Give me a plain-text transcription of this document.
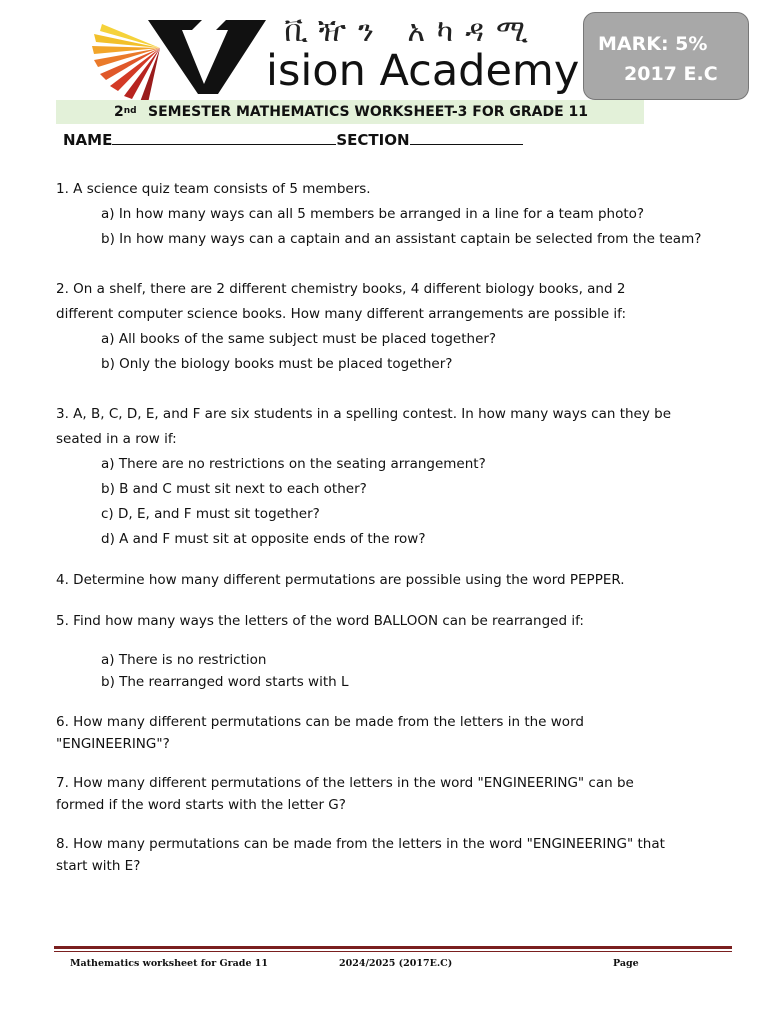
ቪዥን አካዳሚ
ision Academy
MARK: 5%
2017 E.C
2nd SEMESTER MATHEMATICS WORKSHEET-3 FOR GRADE 11
NAME	SECTION
1. A science quiz team consists of 5 members.
a) In how many ways can all 5 members be arranged in a line for a team photo?
b) In how many ways can a captain and an assistant captain be selected from the team?
2. On a shelf, there are 2 different chemistry books, 4 different biology books, and 2
different computer science books. How many different arrangements are possible if:
a) All books of the same subject must be placed together?
b) Only the biology books must be placed together?
3. A, B, C, D, E, and F are six students in a spelling contest. In how many ways can they be
seated in a row if:
a) There are no restrictions on the seating arrangement?
b) B and C must sit next to each other?
c) D, E, and F must sit together?
d) A and F must sit at opposite ends of the row?
4. Determine how many different permutations are possible using the word PEPPER.
5. Find how many ways the letters of the word BALLOON can be rearranged if:
a) There is no restriction
b) The rearranged word starts with L
6. How many different permutations can be made from the letters in the word
"ENGINEERING"?
7. How many different permutations of the letters in the word "ENGINEERING" can be
formed if the word starts with the letter G?
8. How many permutations can be made from the letters in the word "ENGINEERING" that
start with E?
Mathematics worksheet for Grade 11	2024/2025 (2017E.C)	Page
